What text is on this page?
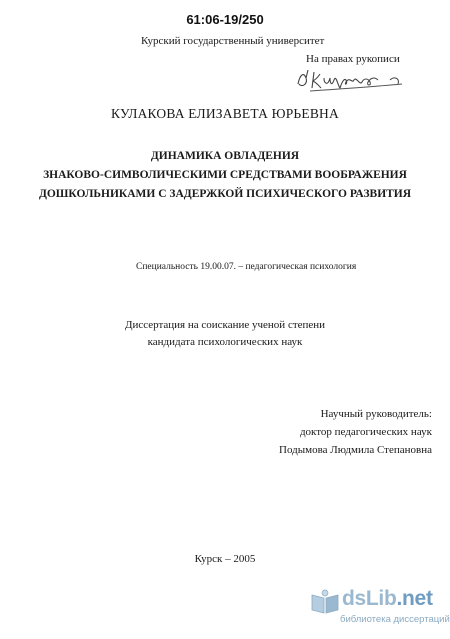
61:06-19/250
Курский государственный университет
На правах рукописи
КУЛАКОВА ЕЛИЗАВЕТА ЮРЬЕВНА
ДИНАМИКА ОВЛАДЕНИЯ
ЗНАКОВО-СИМВОЛИЧЕСКИМИ СРЕДСТВАМИ ВООБРАЖЕНИЯ
ДОШКОЛЬНИКАМИ С ЗАДЕРЖКОЙ ПСИХИЧЕСКОГО РАЗВИТИЯ
Специальность 19.00.07. – педагогическая психология
Диссертация на соискание ученой степени
кандидата психологических наук
Научный руководитель:
доктор педагогических наук
Подымова Людмила Степановна
Курск – 2005
dsLib.net
библиотека диссертаций
